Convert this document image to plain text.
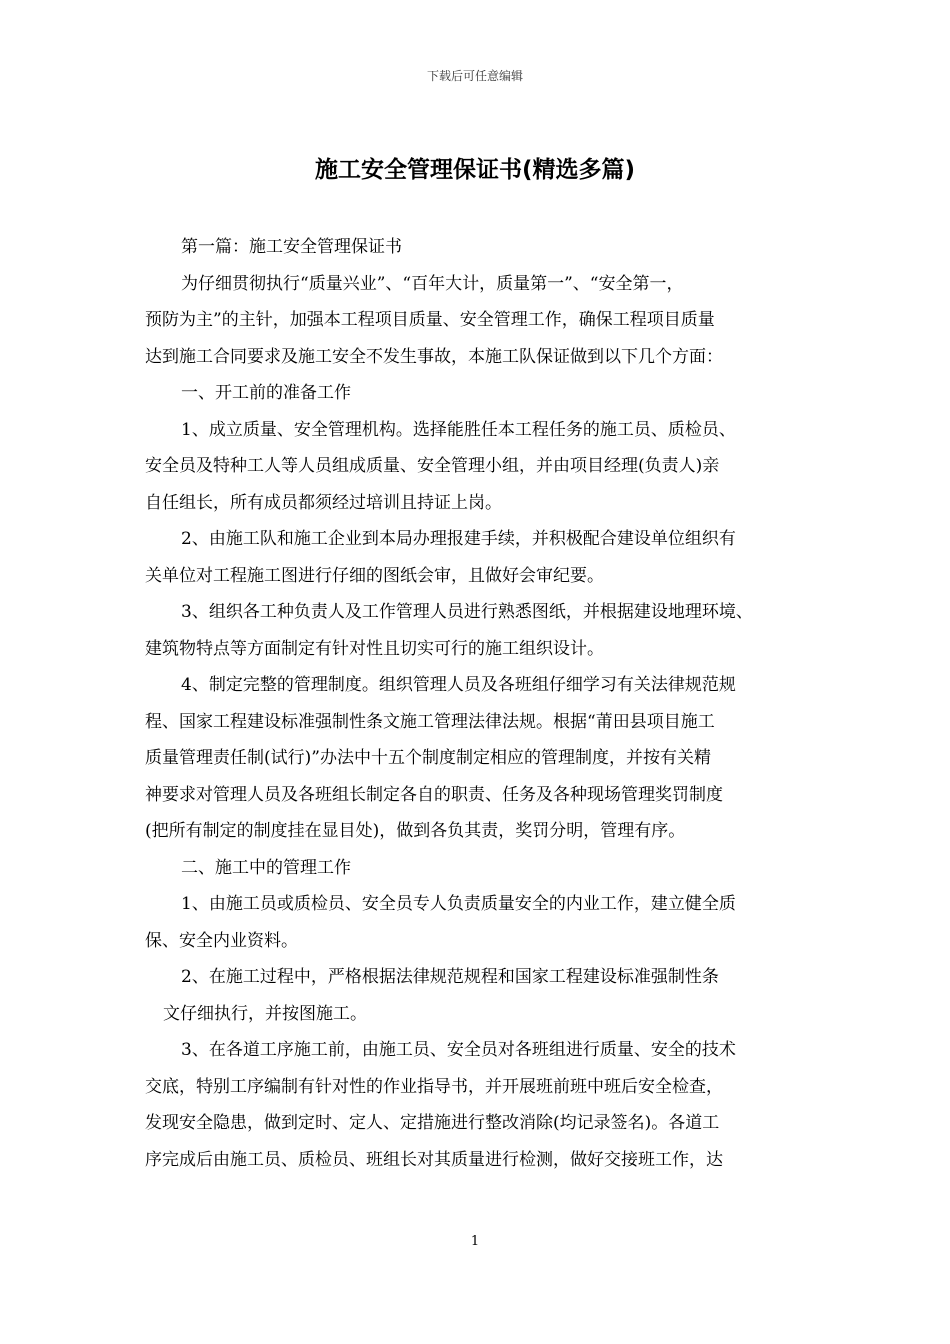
下载后可任意编辑
施工安全管理保证书(精选多篇)
第一篇：施工安全管理保证书
为仔细贯彻执行“质量兴业”、“百年大计，质量第一”、“安全第一，
预防为主”的主针，加强本工程项目质量、安全管理工作，确保工程项目质量
达到施工合同要求及施工安全不发生事故，本施工队保证做到以下几个方面：
一、开工前的准备工作
1、成立质量、安全管理机构。选择能胜任本工程任务的施工员、质检员、
安全员及特种工人等人员组成质量、安全管理小组，并由项目经理(负责人)亲
自任组长，所有成员都须经过培训且持证上岗。
2、由施工队和施工企业到本局办理报建手续，并积极配合建设单位组织有
关单位对工程施工图进行仔细的图纸会审，且做好会审纪要。
3、组织各工种负责人及工作管理人员进行熟悉图纸，并根据建设地理环境、
建筑物特点等方面制定有针对性且切实可行的施工组织设计。
4、制定完整的管理制度。组织管理人员及各班组仔细学习有关法律规范规
程、国家工程建设标准强制性条文施工管理法律法规。根据“莆田县项目施工
质量管理责任制(试行)”办法中十五个制度制定相应的管理制度，并按有关精
神要求对管理人员及各班组长制定各自的职责、任务及各种现场管理奖罚制度
(把所有制定的制度挂在显目处)，做到各负其责，奖罚分明，管理有序。
二、施工中的管理工作
1、由施工员或质检员、安全员专人负责质量安全的内业工作，建立健全质
保、安全内业资料。
2、在施工过程中，严格根据法律规范规程和国家工程建设标准强制性条
文仔细执行，并按图施工。
3、在各道工序施工前，由施工员、安全员对各班组进行质量、安全的技术
交底，特别工序编制有针对性的作业指导书，并开展班前班中班后安全检查，
发现安全隐患，做到定时、定人、定措施进行整改消除(均记录签名)。各道工
序完成后由施工员、质检员、班组长对其质量进行检测，做好交接班工作，达
1
